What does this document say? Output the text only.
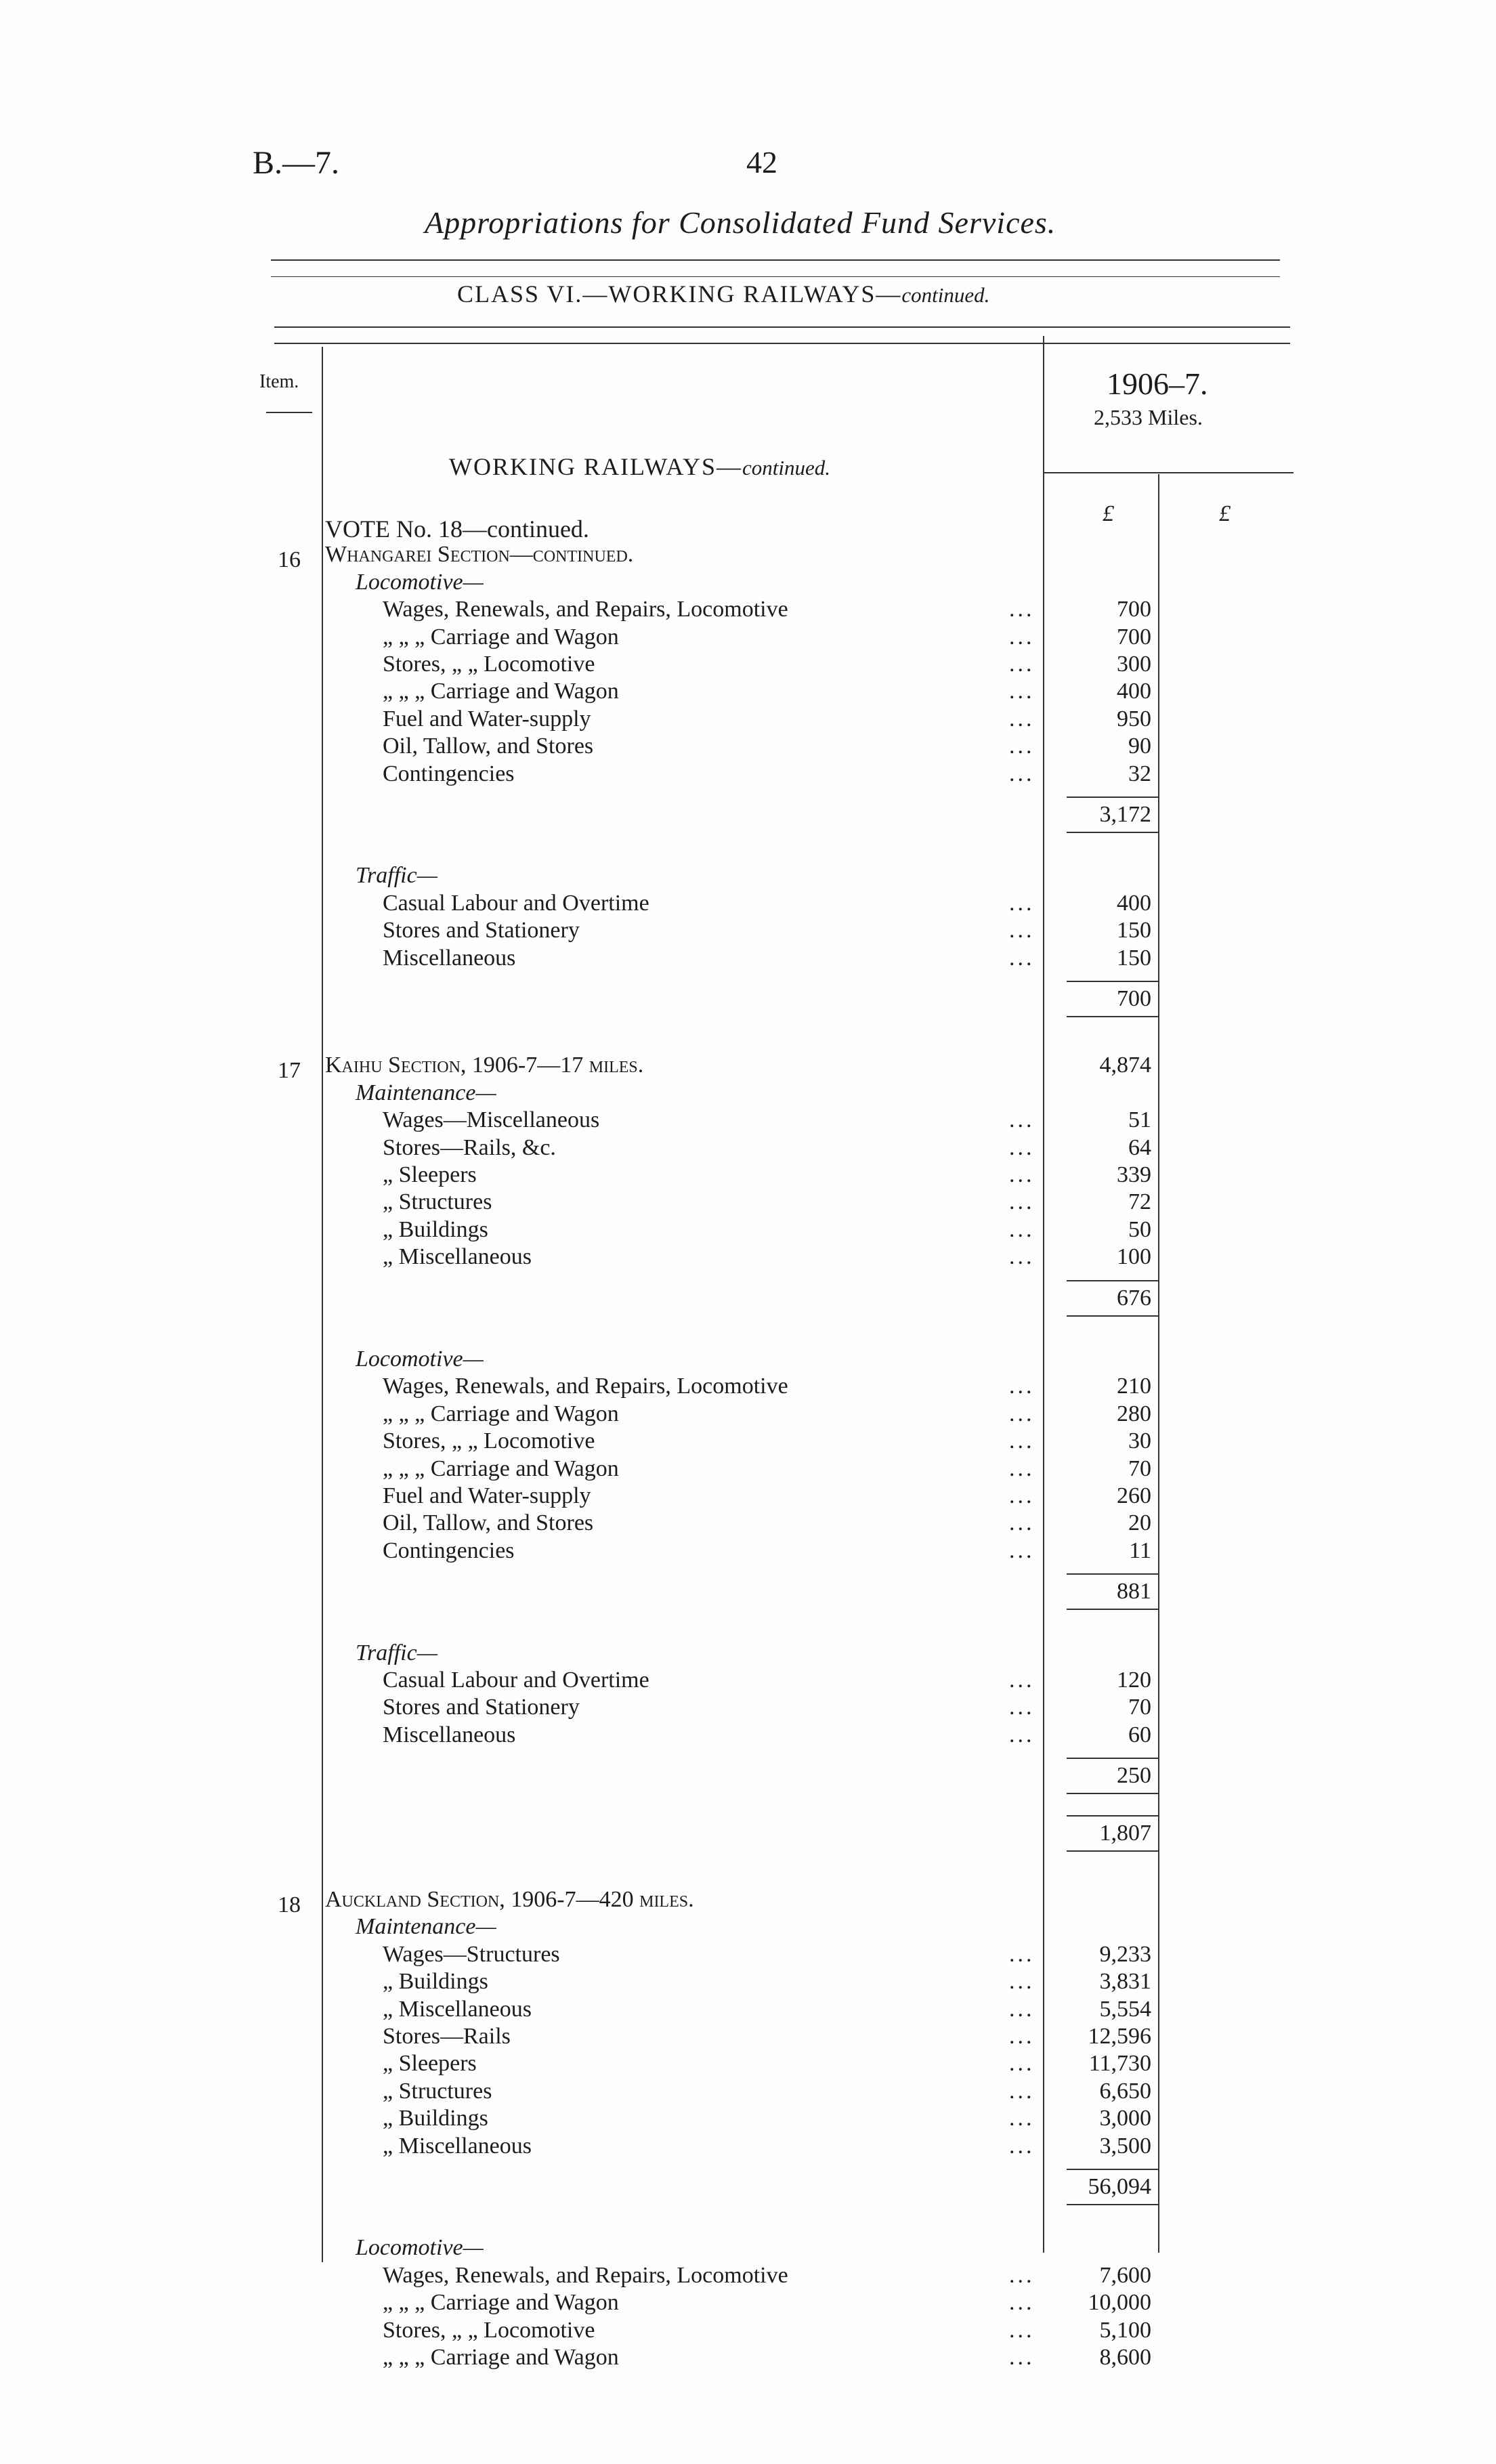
B.—7.	42
Appropriations for Consolidated Fund Services.
CLASS VI.—WORKING RAILWAYS—continued.
Item.	1906–7.
2,533 Miles.
£	£
WORKING RAILWAYS—continued.
VOTE No. 18—continued.
16 Whangarei Section—continued.
Locomotive—
Wages, Renewals, and Repairs, Locomotive	...	700
„ „ „ Carriage and Wagon	...	700
Stores, „ „ Locomotive	...	300
„ „ „ Carriage and Wagon	...	400
Fuel and Water-supply	...	950
Oil, Tallow, and Stores	...	90
Contingencies	...	32
3,172
Traffic—
Casual Labour and Overtime	...	400
Stores and Stationery	...	150
Miscellaneous	...	150
700
17 Kaihu Section, 1906-7—17 miles.	4,874
Maintenance—
Wages—Miscellaneous	...	51
Stores—Rails, &c.	...	64
„ Sleepers	...	339
„ Structures	...	72
„ Buildings	...	50
„ Miscellaneous	...	100
676
Locomotive—
Wages, Renewals, and Repairs, Locomotive	...	210
„ „ „ Carriage and Wagon	...	280
Stores, „ „ Locomotive	...	30
„ „ „ Carriage and Wagon	...	70
Fuel and Water-supply	...	260
Oil, Tallow, and Stores	...	20
Contingencies	...	11
881
Traffic—
Casual Labour and Overtime	...	120
Stores and Stationery	...	70
Miscellaneous	...	60
250
1,807
18 Auckland Section, 1906-7—420 miles.
Maintenance—
Wages—Structures	...	9,233
„ Buildings	...	3,831
„ Miscellaneous	...	5,554
Stores—Rails	...	12,596
„ Sleepers	...	11,730
„ Structures	...	6,650
„ Buildings	...	3,000
„ Miscellaneous	...	3,500
56,094
Locomotive—
Wages, Renewals, and Repairs, Locomotive	...	7,600
„ „ „ Carriage and Wagon	...	10,000
Stores, „ „ Locomotive	...	5,100
„ „ „ Carriage and Wagon	...	8,600
